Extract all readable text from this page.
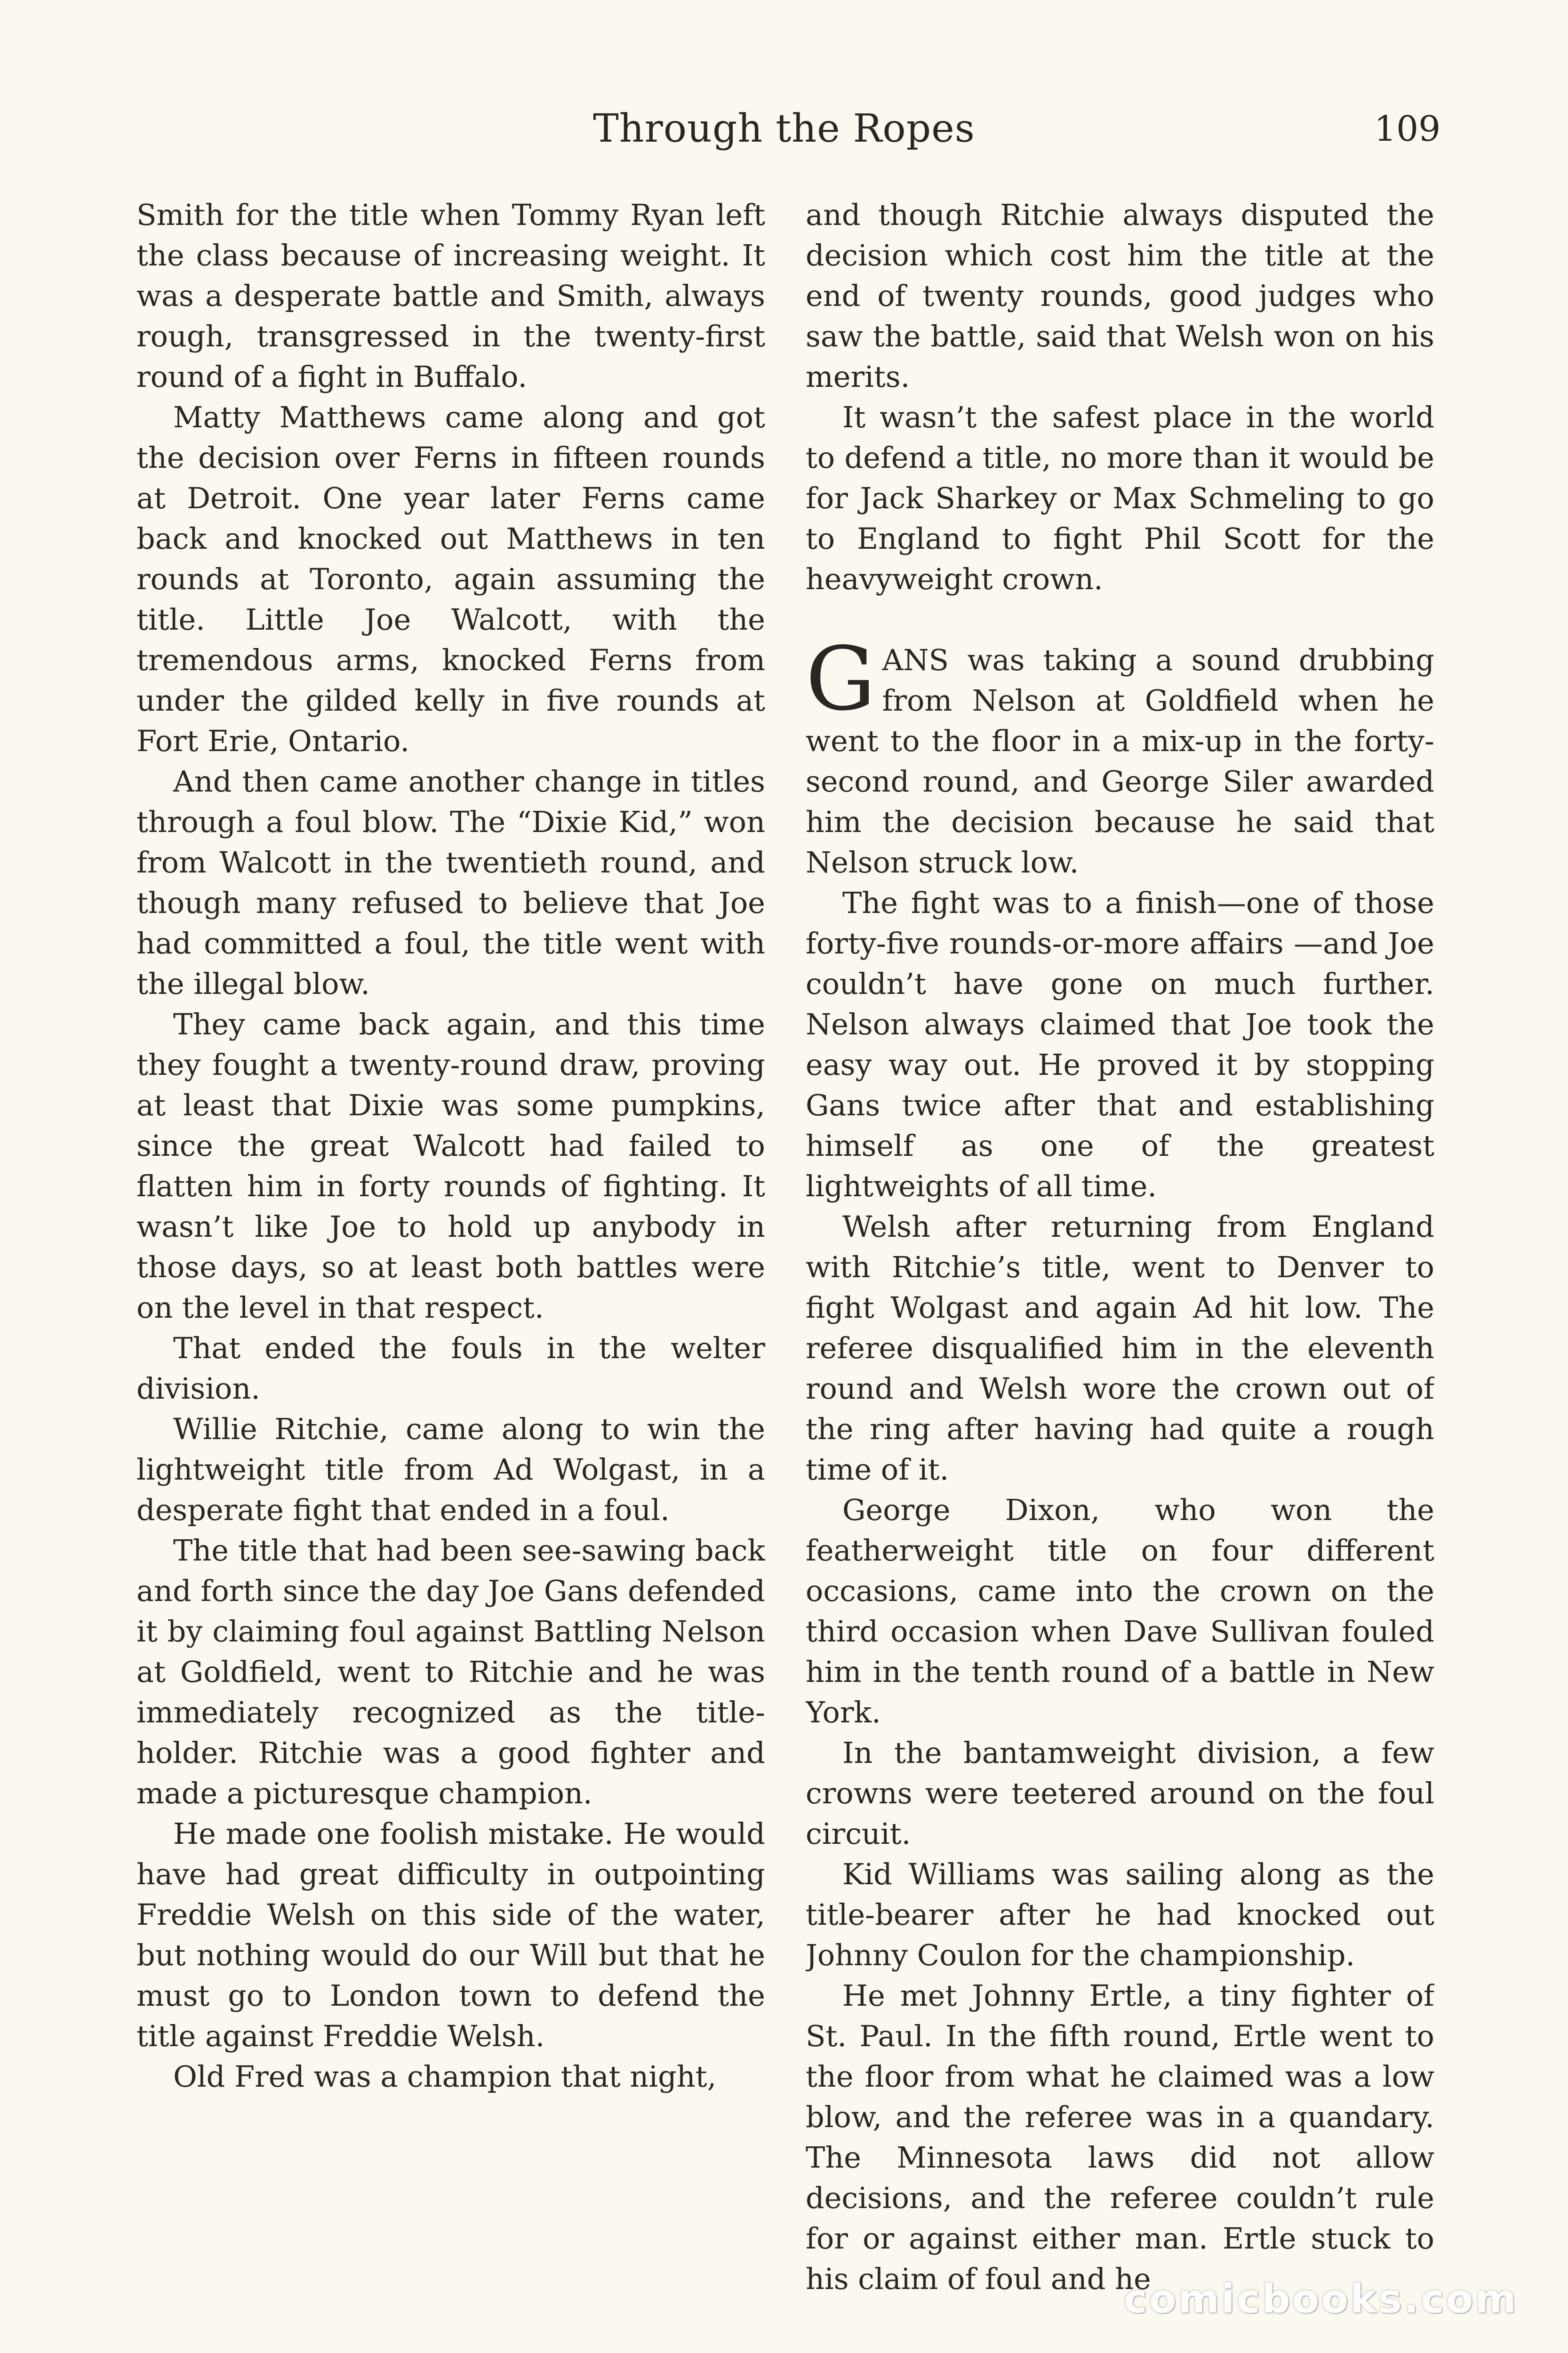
Through the Ropes	109

Smith for the title when Tommy Ryan left the class because of increasing weight. It was a desperate battle and Smith, always rough, transgressed in the twenty-first round of a fight in Buffalo.

Matty Matthews came along and got the decision over Ferns in fifteen rounds at Detroit. One year later Ferns came back and knocked out Matthews in ten rounds at Toronto, again assuming the title. Little Joe Walcott, with the tremendous arms, knocked Ferns from under the gilded kelly in five rounds at Fort Erie, Ontario.

And then came another change in titles through a foul blow. The “Dixie Kid,” won from Walcott in the twentieth round, and though many refused to believe that Joe had committed a foul, the title went with the illegal blow.

They came back again, and this time they fought a twenty-round draw, proving at least that Dixie was some pumpkins, since the great Walcott had failed to flatten him in forty rounds of fighting. It wasn’t like Joe to hold up anybody in those days, so at least both battles were on the level in that respect.

That ended the fouls in the welter division.

Willie Ritchie, came along to win the lightweight title from Ad Wolgast, in a desperate fight that ended in a foul.

The title that had been see-sawing back and forth since the day Joe Gans defended it by claiming foul against Battling Nelson at Goldfield, went to Ritchie and he was immediately recognized as the title-holder. Ritchie was a good fighter and made a picturesque champion.

He made one foolish mistake. He would have had great difficulty in outpointing Freddie Welsh on this side of the water, but nothing would do our Will but that he must go to London town to defend the title against Freddie Welsh.

Old Fred was a champion that night,

and though Ritchie always disputed the decision which cost him the title at the end of twenty rounds, good judges who saw the battle, said that Welsh won on his merits.

It wasn’t the safest place in the world to defend a title, no more than it would be for Jack Sharkey or Max Schmeling to go to England to fight Phil Scott for the heavyweight crown.

GANS was taking a sound drubbing from Nelson at Goldfield when he went to the floor in a mix-up in the forty-second round, and George Siler awarded him the decision because he said that Nelson struck low.

The fight was to a finish—one of those forty-five rounds-or-more affairs —and Joe couldn’t have gone on much further. Nelson always claimed that Joe took the easy way out. He proved it by stopping Gans twice after that and establishing himself as one of the greatest lightweights of all time.

Welsh after returning from England with Ritchie’s title, went to Denver to fight Wolgast and again Ad hit low. The referee disqualified him in the eleventh round and Welsh wore the crown out of the ring after having had quite a rough time of it.

George Dixon, who won the featherweight title on four different occasions, came into the crown on the third occasion when Dave Sullivan fouled him in the tenth round of a battle in New York.

In the bantamweight division, a few crowns were teetered around on the foul circuit.

Kid Williams was sailing along as the title-bearer after he had knocked out Johnny Coulon for the championship.

He met Johnny Ertle, a tiny fighter of St. Paul. In the fifth round, Ertle went to the floor from what he claimed was a low blow, and the referee was in a quandary. The Minnesota laws did not allow decisions, and the referee couldn’t rule for or against either man. Ertle stuck to his claim of foul and he

comicbooks.com
